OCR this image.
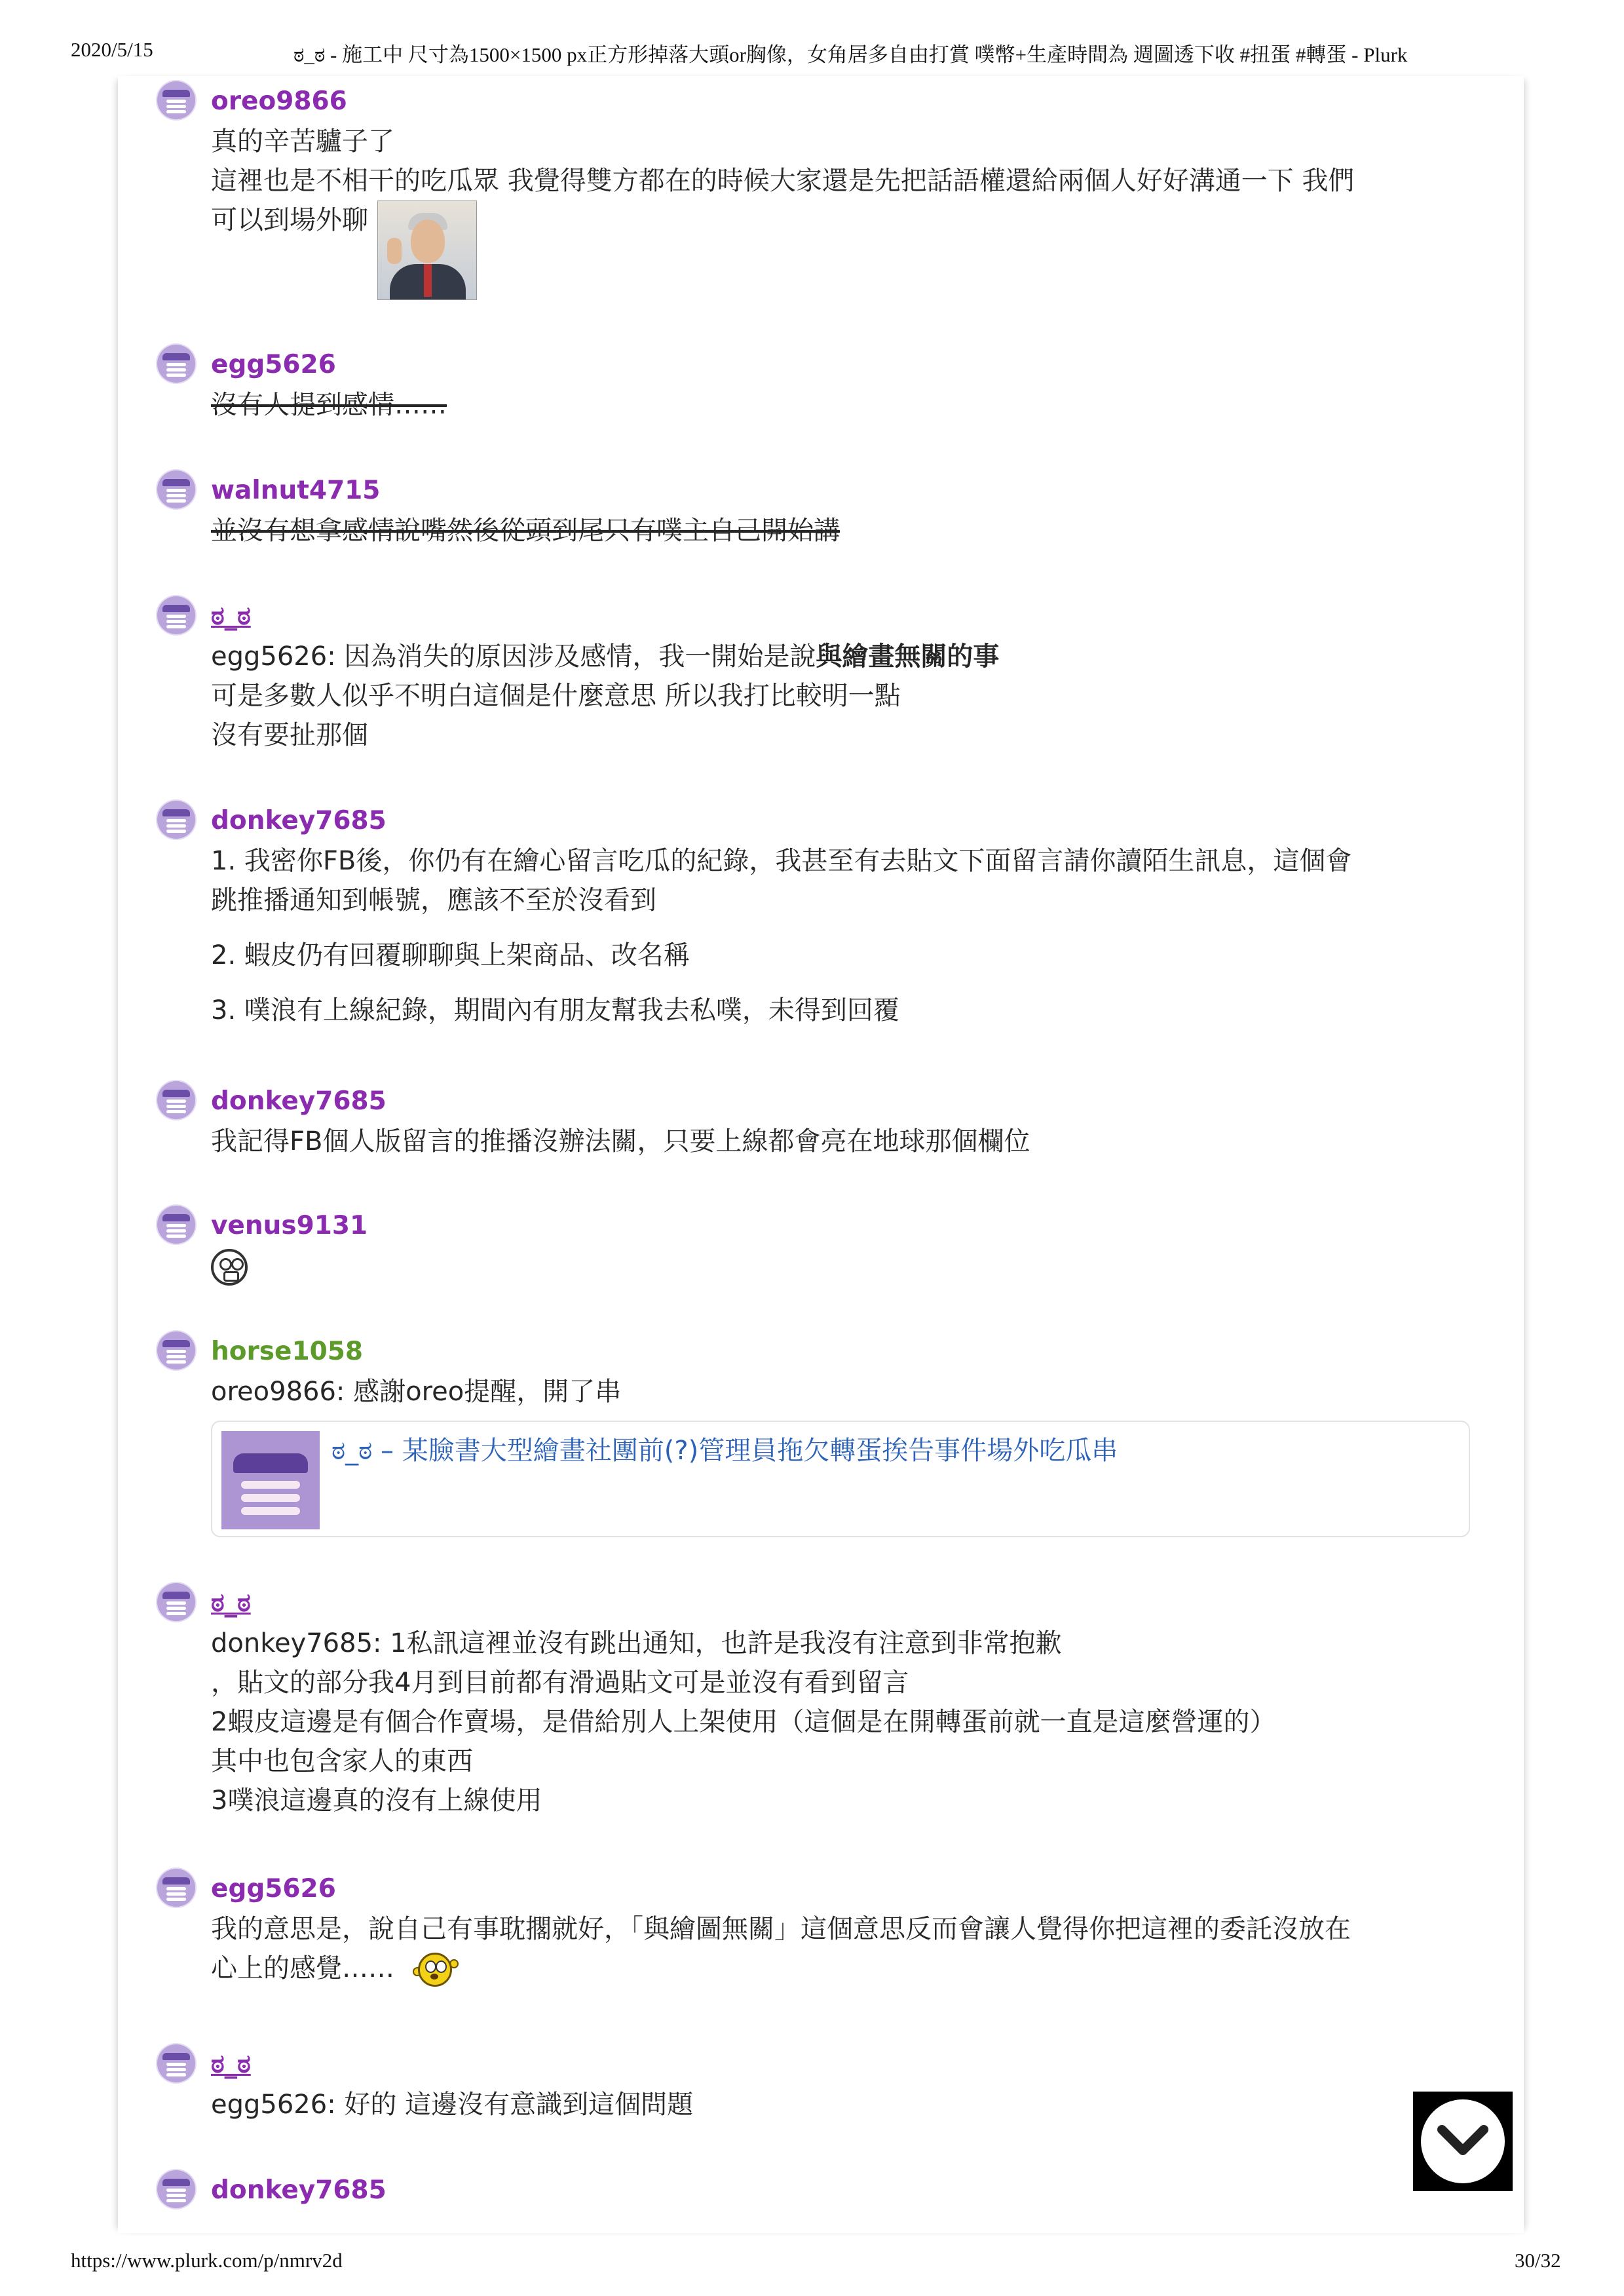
2020/5/15	ಠ_ಠ - 施工中 尺寸為1500×1500 px正方形掉落大頭or胸像，女角居多自由打賞 噗幣+生產時間為 週圖透下收 #扭蛋 #轉蛋 - Plurk
oreo9866

真的辛苦驢子了

這裡也是不相干的吃瓜眾 我覺得雙方都在的時候大家還是先把話語權還給兩個人好好溝通一下 我們

可以到場外聊

egg5626

沒有人提到感情……

walnut4715

並沒有想拿感情說嘴然後從頭到尾只有噗主自己開始講

ಠ_ಠ

egg5626: 因為消失的原因涉及感情，我一開始是說與繪畫無關的事

可是多數人似乎不明白這個是什麼意思 所以我打比較明一點

沒有要扯那個

donkey7685

1. 我密你FB後，你仍有在繪心留言吃瓜的紀錄，我甚至有去貼文下面留言請你讀陌生訊息，這個會

跳推播通知到帳號，應該不至於沒看到

2. 蝦皮仍有回覆聊聊與上架商品、改名稱

3. 噗浪有上線紀錄，期間內有朋友幫我去私噗，未得到回覆

donkey7685

我記得FB個人版留言的推播沒辦法關，只要上線都會亮在地球那個欄位

venus9131

horse1058

oreo9866: 感謝oreo提醒，開了串

ಠ_ಠ – 某臉書大型繪畫社團前(?)管理員拖欠轉蛋挨告事件場外吃瓜串
ಠ_ಠ

donkey7685: 1私訊這裡並沒有跳出通知，也許是我沒有注意到非常抱歉

，貼文的部分我4月到目前都有滑過貼文可是並沒有看到留言

2蝦皮這邊是有個合作賣場，是借給別人上架使用（這個是在開轉蛋前就一直是這麼營運的）

其中也包含家人的東西

3噗浪這邊真的沒有上線使用

egg5626

我的意思是，說自己有事耽擱就好，「與繪圖無關」這個意思反而會讓人覺得你把這裡的委託沒放在

心上的感覺……

ಠ_ಠ

egg5626: 好的 這邊沒有意識到這個問題

donkey7685
https://www.plurk.com/p/nmrv2d	30/32
